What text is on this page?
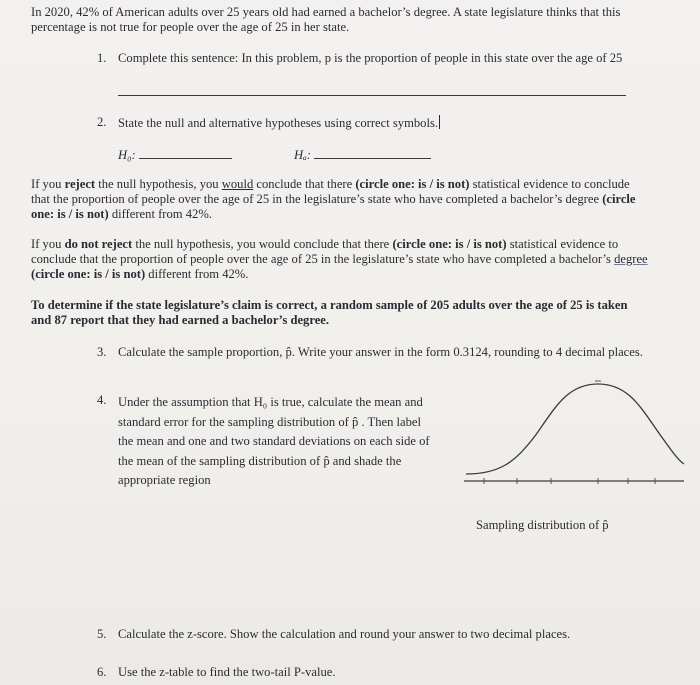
In 2020, 42% of American adults over 25 years old had earned a bachelor’s degree. A state legislature thinks that this
percentage is not true for people over the age of 25 in her state.
1. Complete this sentence: In this problem, p is the proportion of people in this state over the age of 25
2. State the null and alternative hypotheses using correct symbols.
H₀:	Hₐ:
If you reject the null hypothesis, you would conclude that there (circle one: is / is not) statistical evidence to conclude
that the proportion of people over the age of 25 in the legislature’s state who have completed a bachelor’s degree (circle
one: is / is not) different from 42%.
If you do not reject the null hypothesis, you would conclude that there (circle one: is / is not) statistical evidence to
conclude that the proportion of people over the age of 25 in the legislature’s state who have completed a bachelor’s degree
(circle one: is / is not) different from 42%.
To determine if the state legislature’s claim is correct, a random sample of 205 adults over the age of 25 is taken
and 87 report that they had earned a bachelor’s degree.
3. Calculate the sample proportion, p̂. Write your answer in the form 0.3124, rounding to 4 decimal places.
4. Under the assumption that H₀ is true, calculate the mean and
standard error for the sampling distribution of p̂ . Then label
the mean and one and two standard deviations on each side of
the mean of the sampling distribution of p̂ and shade the
appropriate region
Sampling distribution of p̂
5. Calculate the z-score. Show the calculation and round your answer to two decimal places.
6. Use the z-table to find the two-tail P-value.
